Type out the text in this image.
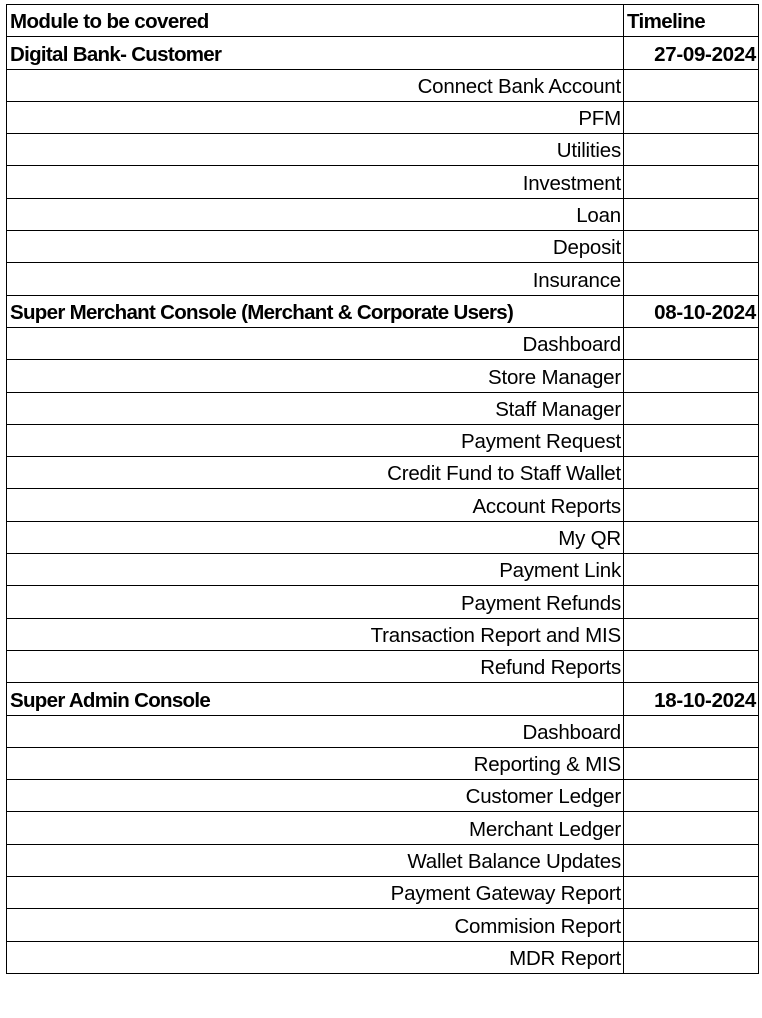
Module to be covered	Timeline
Digital Bank- Customer	27-09-2024
Connect Bank Account	
PFM	
Utilities	
Investment	
Loan	
Deposit	
Insurance	
Super Merchant Console (Merchant & Corporate Users)	08-10-2024
Dashboard	
Store Manager	
Staff Manager	
Payment Request	
Credit Fund to Staff Wallet	
Account Reports	
My QR	
Payment Link	
Payment Refunds	
Transaction Report and MIS	
Refund Reports	
Super Admin Console	18-10-2024
Dashboard	
Reporting & MIS	
Customer Ledger	
Merchant Ledger	
Wallet Balance Updates	
Payment Gateway Report	
Commision Report	
MDR Report	
